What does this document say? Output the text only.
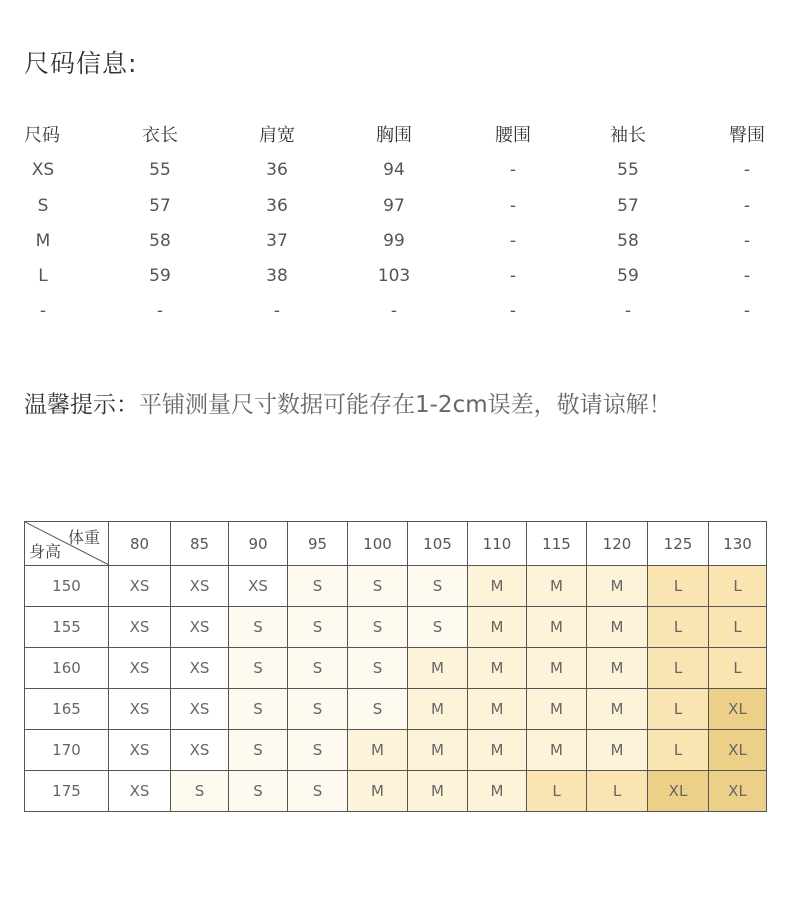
尺码信息:
尺码	衣长	肩宽	胸围	腰围	袖长	臀围
XS	55	36	94	-	55	-
S	57	36	97	-	57	-
M	58	37	99	-	58	-
L	59	38	103	-	59	-
-	-	-	-	-	-	-
温馨提示：平铺测量尺寸数据可能存在1-2cm误差，敬请谅解！
体重
身高	80	85	90	95	100	105	110	115	120	125	130
150	XS	XS	XS	S	S	S	M	M	M	L	L
155	XS	XS	S	S	S	S	M	M	M	L	L
160	XS	XS	S	S	S	M	M	M	M	L	L
165	XS	XS	S	S	S	M	M	M	M	L	XL
170	XS	XS	S	S	M	M	M	M	M	L	XL
175	XS	S	S	S	M	M	M	L	L	XL	XL
